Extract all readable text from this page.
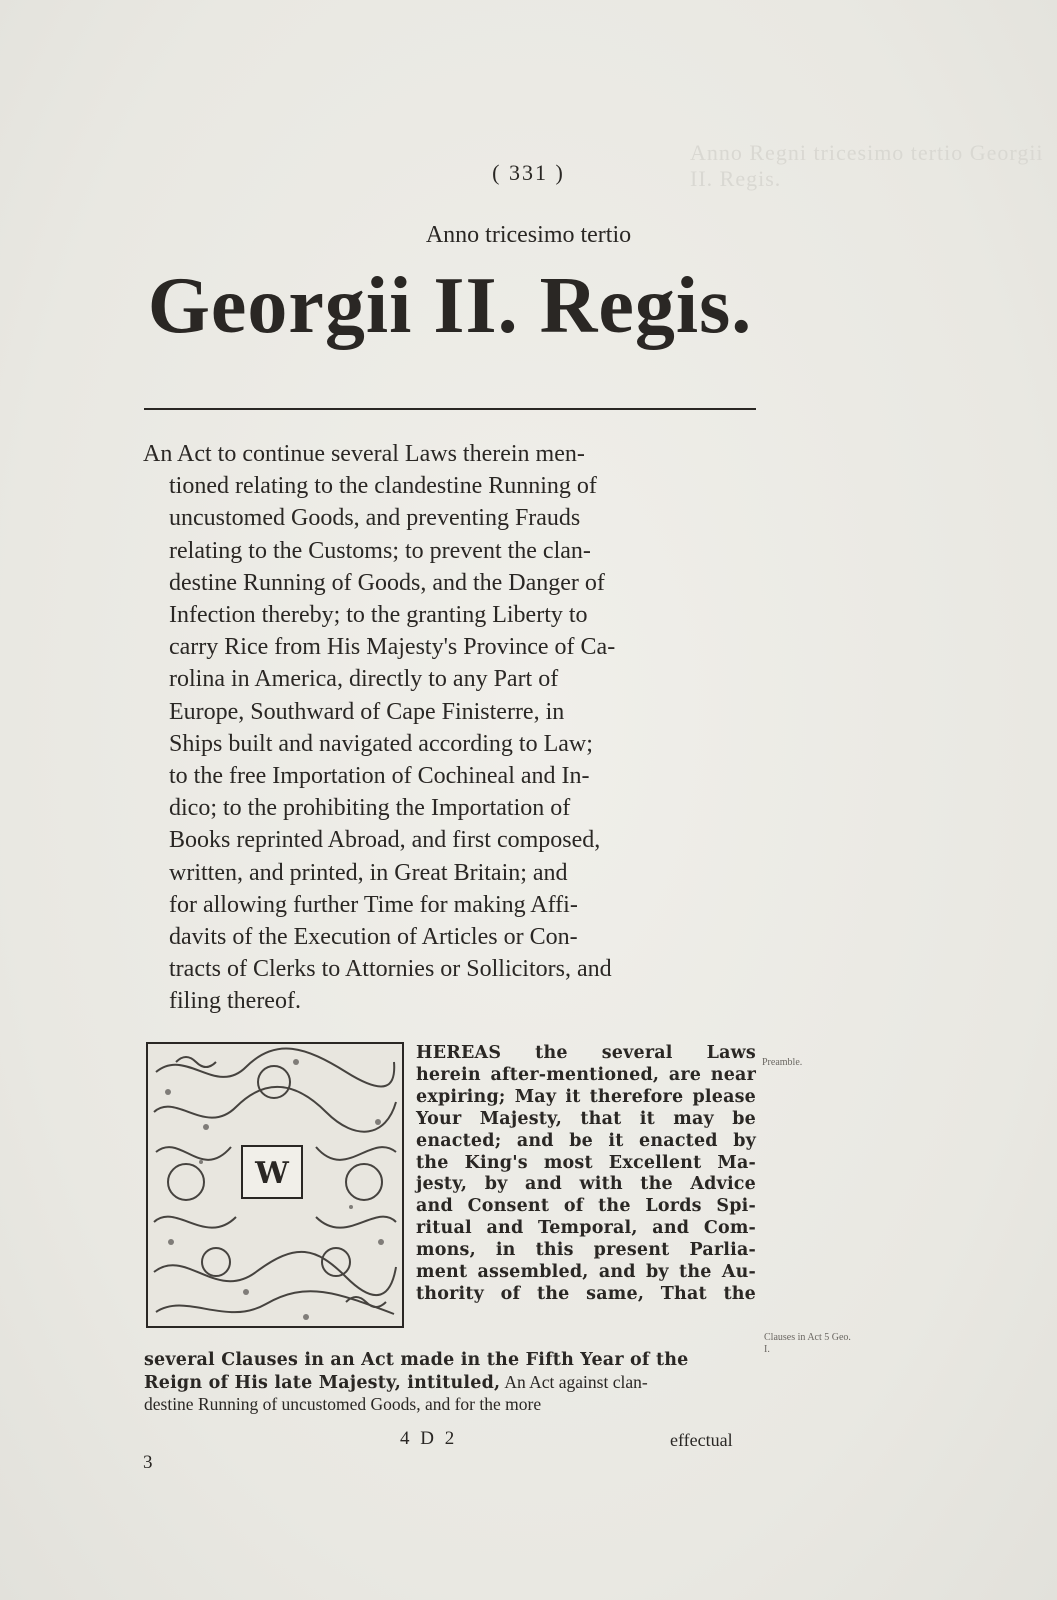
Anno Regni tricesimo tertio Georgii II. Regis.
( 331 )
Anno tricesimo tertio
Georgii II. Regis.
An Act to continue several Laws therein men-
tioned relating to the clandestine Running of
uncustomed Goods, and preventing Frauds
relating to the Customs; to prevent the clan-
destine Running of Goods, and the Danger of
Infection thereby; to the granting Liberty to
carry Rice from His Majesty's Province of Ca-
rolina in America, directly to any Part of
Europe, Southward of Cape Finisterre, in
Ships built and navigated according to Law;
to the free Importation of Cochineal and In-
dico; to the prohibiting the Importation of
Books reprinted Abroad, and first composed,
written, and printed, in Great Britain; and
for allowing further Time for making Affi-
davits of the Execution of Articles or Con-
tracts of Clerks to Attornies or Sollicitors, and
filing thereof.
W
HEREAS the several Laws
herein after-mentioned, are near
expiring; May it therefore please
Your Majesty, that it may be
enacted; and be it enacted by
the King's most Excellent Ma-
jesty, by and with the Advice
and Consent of the Lords Spi-
ritual and Temporal, and Com-
mons, in this present Parlia-
ment assembled, and by the Au-
thority of the same, That the
several Clauses in an Act made in the Fifth Year of the
Reign of His late Majesty, intituled, An Act against clan-
destine Running of uncustomed Goods, and for the more
Preamble.
Clauses in Act 5 Geo. I.
4 D 2	effectual
3
